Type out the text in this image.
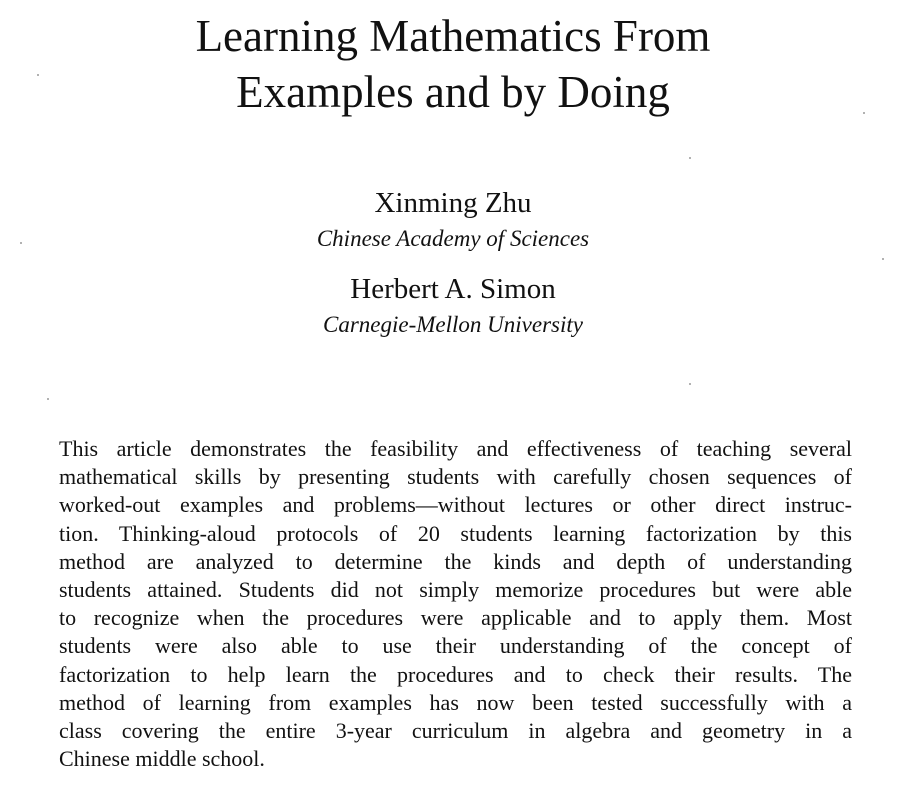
Learning Mathematics From
Examples and by Doing
Xinming Zhu
Chinese Academy of Sciences
Herbert A. Simon
Carnegie-Mellon University
This article demonstrates the feasibility and effectiveness of teaching several
mathematical skills by presenting students with carefully chosen sequences of
worked-out examples and problems—without lectures or other direct instruc-
tion. Thinking-aloud protocols of 20 students learning factorization by this
method are analyzed to determine the kinds and depth of understanding
students attained. Students did not simply memorize procedures but were able
to recognize when the procedures were applicable and to apply them. Most
students were also able to use their understanding of the concept of
factorization to help learn the procedures and to check their results. The
method of learning from examples has now been tested successfully with a
class covering the entire 3-year curriculum in algebra and geometry in a
Chinese middle school.
